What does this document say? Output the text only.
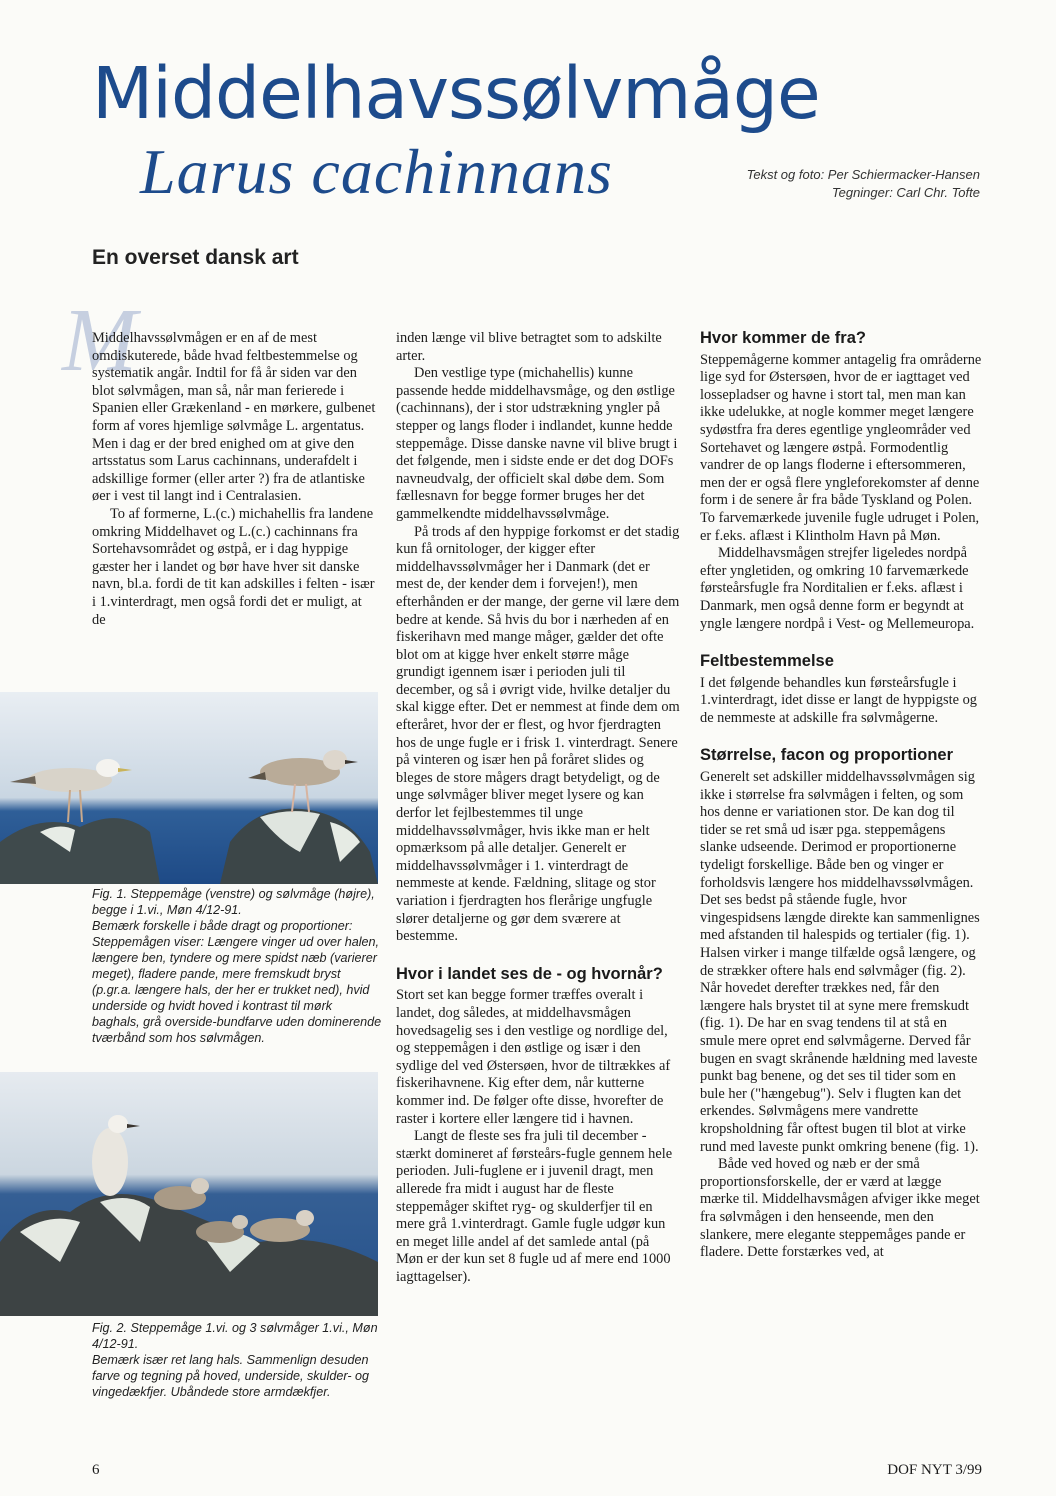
Middelhavssølvmåge
Larus cachinnans	Tekst og foto: Per Schiermacker-Hansen
Tegninger: Carl Chr. Tofte
En overset dansk art
M

Middelhavssølvmågen er en af de mest omdiskuterede, både hvad feltbestemmelse og systematik angår. Indtil for få år siden var den blot sølvmågen, man så, når man ferierede i Spanien eller Grækenland - en mørkere, gulbenet form af vores hjemlige sølvmåge L. argentatus. Men i dag er der bred enighed om at give den artsstatus som Larus cachinnans, underafdelt i adskillige former (eller arter ?) fra de atlantiske øer i vest til langt ind i Centralasien.

To af formerne, L.(c.) michahellis fra landene omkring Middelhavet og L.(c.) cachinnans fra Sortehavsområdet og østpå, er i dag hyppige gæster her i landet og bør have hver sit danske navn, bl.a. fordi de tit kan adskilles i felten - især i 1.vinterdragt, men også fordi det er muligt, at de

Fig. 1. Steppemåge (venstre) og sølvmåge (højre), begge i 1.vi., Møn 4/12-91.
Bemærk forskelle i både dragt og proportioner: Steppemågen viser: Længere vinger ud over halen, længere ben, tyndere og mere spidst næb (varierer meget), fladere pande, mere fremskudt bryst (p.gr.a. længere hals, der her er trukket ned), hvid underside og hvidt hoved i kontrast til mørk baghals, grå overside-bundfarve uden dominerende tværbånd som hos sølvmågen.
Fig. 2. Steppemåge 1.vi. og 3 sølvmåger 1.vi., Møn 4/12-91.
Bemærk især ret lang hals. Sammenlign desuden farve og tegning på hoved, underside, skulder- og vingedækfjer. Ubåndede store armdækfjer.

inden længe vil blive betragtet som to adskilte arter.

Den vestlige type (michahellis) kunne passende hedde middelhavsmåge, og den østlige (cachinnans), der i stor udstrækning yngler på stepper og langs floder i indlandet, kunne hedde steppemåge. Disse danske navne vil blive brugt i det følgende, men i sidste ende er det dog DOFs navneudvalg, der officielt skal døbe dem. Som fællesnavn for begge former bruges her det gammelkendte middelhavssølvmåge.

På trods af den hyppige forkomst er det stadig kun få ornitologer, der kigger efter middelhavssølvmåger her i Danmark (det er mest de, der kender dem i forvejen!), men efterhånden er der mange, der gerne vil lære dem bedre at kende. Så hvis du bor i nærheden af en fiskerihavn med mange måger, gælder det ofte blot om at kigge hver enkelt større måge grundigt igennem især i perioden juli til december, og så i øvrigt vide, hvilke detaljer du skal kigge efter. Det er nemmest at finde dem om efteråret, hvor der er flest, og hvor fjerdragten hos de unge fugle er i frisk 1. vinterdragt. Senere på vinteren og især hen på foråret slides og bleges de store mågers dragt betydeligt, og de unge sølvmåger bliver meget lysere og kan derfor let fejlbestemmes til unge middelhavssølvmåger, hvis ikke man er helt opmærksom på alle detaljer. Generelt er middelhavssølvmåger i 1. vinterdragt de nemmeste at kende. Fældning, slitage og stor variation i fjerdragten hos flerårige ungfugle slører detaljerne og gør dem sværere at bestemme.

Hvor i landet ses de - og hvornår?

Stort set kan begge former træffes overalt i landet, dog således, at middelhavsmågen hovedsagelig ses i den vestlige og nordlige del, og steppemågen i den østlige og især i den sydlige del ved Østersøen, hvor de tiltrækkes af fiskerihavnene. Kig efter dem, når kutterne kommer ind. De følger ofte disse, hvorefter de raster i kortere eller længere tid i havnen.

Langt de fleste ses fra juli til december - stærkt domineret af førsteårs-fugle gennem hele perioden. Juli-fuglene er i juvenil dragt, men allerede fra midt i august har de fleste steppemåger skiftet ryg- og skulderfjer til en mere grå 1.vinterdragt. Gamle fugle udgør kun en meget lille andel af det samlede antal (på Møn er der kun set 8 fugle ud af mere end 1000 iagttagelser).

Hvor kommer de fra?

Steppemågerne kommer antagelig fra områderne lige syd for Østersøen, hvor de er iagttaget ved lossepladser og havne i stort tal, men man kan ikke udelukke, at nogle kommer meget længere sydøstfra fra deres egentlige yngleområder ved Sortehavet og længere østpå. Formodentlig vandrer de op langs floderne i eftersommeren, men der er også flere yngleforekomster af denne form i de senere år fra både Tyskland og Polen. To farvemærkede juvenile fugle udruget i Polen, er f.eks. aflæst i Klintholm Havn på Møn.

Middelhavsmågen strejfer ligeledes nordpå efter yngletiden, og omkring 10 farvemærkede førsteårsfugle fra Norditalien er f.eks. aflæst i Danmark, men også denne form er begyndt at yngle længere nordpå i Vest- og Mellemeuropa.

Feltbestemmelse

I det følgende behandles kun førsteårsfugle i 1.vinterdragt, idet disse er langt de hyppigste og de nemmeste at adskille fra sølvmågerne.

Størrelse, facon og proportioner

Generelt set adskiller middelhavssølvmågen sig ikke i størrelse fra sølvmågen i felten, og som hos denne er variationen stor. De kan dog til tider se ret små ud især pga. steppemågens slanke udseende. Derimod er proportionerne tydeligt forskellige. Både ben og vinger er forholdsvis længere hos middelhavssølvmågen. Det ses bedst på stående fugle, hvor vingespidsens længde direkte kan sammenlignes med afstanden til halespids og tertialer (fig. 1). Halsen virker i mange tilfælde også længere, og de strækker oftere hals end sølvmåger (fig. 2). Når hovedet derefter trækkes ned, får den længere hals brystet til at syne mere fremskudt (fig. 1). De har en svag tendens til at stå en smule mere opret end sølvmågerne. Derved får bugen en svagt skrånende hældning med laveste punkt bag benene, og det ses til tider som en bule her ("hængebug"). Selv i flugten kan det erkendes. Sølvmågens mere vandrette kropsholdning får oftest bugen til blot at virke rund med laveste punkt omkring benene (fig. 1).

Både ved hoved og næb er der små proportionsforskelle, der er værd at lægge mærke til. Middelhavsmågen afviger ikke meget fra sølvmågen i den henseende, men den slankere, mere elegante steppemåges pande er fladere. Dette forstærkes ved, at

6	DOF NYT 3/99
